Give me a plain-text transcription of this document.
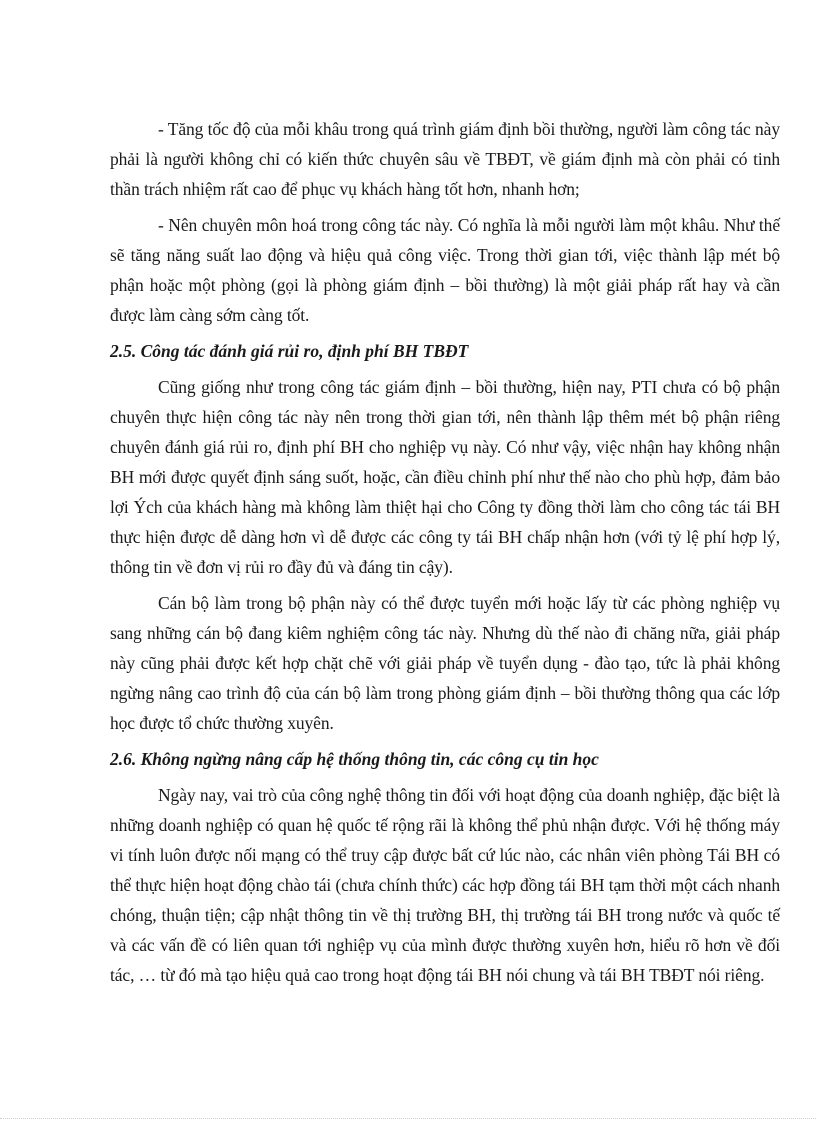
- Tăng tốc độ của mỗi khâu trong quá trình giám định bồi thường, người làm công tác này phải là người không chỉ có kiến thức chuyên sâu về TBĐT, về giám định mà còn phải có tinh thần trách nhiệm rất cao để phục vụ khách hàng tốt hơn, nhanh hơn;

- Nên chuyên môn hoá trong công tác này. Có nghĩa là mỗi người làm một khâu. Như thế sẽ tăng năng suất lao động và hiệu quả công việc. Trong thời gian tới, việc thành lập mét bộ phận hoặc một phòng (gọi là phòng giám định – bồi thường) là một giải pháp rất hay và cần được làm càng sớm càng tốt.

2.5. Công tác đánh giá rủi ro, định phí BH TBĐT

Cũng giống như trong công tác giám định – bồi thường, hiện nay, PTI chưa có bộ phận chuyên thực hiện công tác này nên trong thời gian tới, nên thành lập thêm mét bộ phận riêng chuyên đánh giá rủi ro, định phí BH cho nghiệp vụ này. Có như vậy, việc nhận hay không nhận BH mới được quyết định sáng suốt, hoặc, cần điều chỉnh phí như thế nào cho phù hợp, đảm bảo lợi Ých của khách hàng mà không làm thiệt hại cho Công ty đồng thời làm cho công tác tái BH thực hiện được dễ dàng hơn vì dễ được các công ty tái BH chấp nhận hơn (với tỷ lệ phí hợp lý, thông tin về đơn vị rủi ro đầy đủ và đáng tin cậy).

Cán bộ làm trong bộ phận này có thể được tuyển mới hoặc lấy từ các phòng nghiệp vụ sang những cán bộ đang kiêm nghiệm công tác này. Nhưng dù thế nào đi chăng nữa, giải pháp này cũng phải được kết hợp chặt chẽ với giải pháp về tuyển dụng - đào tạo, tức là phải không ngừng nâng cao trình độ của cán bộ làm trong phòng giám định – bồi thường thông qua các lớp học được tổ chức thường xuyên.

2.6. Không ngừng nâng cấp hệ thống thông tin, các công cụ tin học

Ngày nay, vai trò của công nghệ thông tin đối với hoạt động của doanh nghiệp, đặc biệt là những doanh nghiệp có quan hệ quốc tế rộng rãi là không thể phủ nhận được. Với hệ thống máy vi tính luôn được nối mạng có thể truy cập được bất cứ lúc nào, các nhân viên phòng Tái BH có thể thực hiện hoạt động chào tái (chưa chính thức) các hợp đồng tái BH tạm thời một cách nhanh chóng, thuận tiện; cập nhật thông tin về thị trường BH, thị trường tái BH trong nước và quốc tế và các vấn đề có liên quan tới nghiệp vụ của mình được thường xuyên hơn, hiểu rõ hơn về đối tác, … từ đó mà tạo hiệu quả cao trong hoạt động tái BH nói chung và tái BH TBĐT nói riêng.
